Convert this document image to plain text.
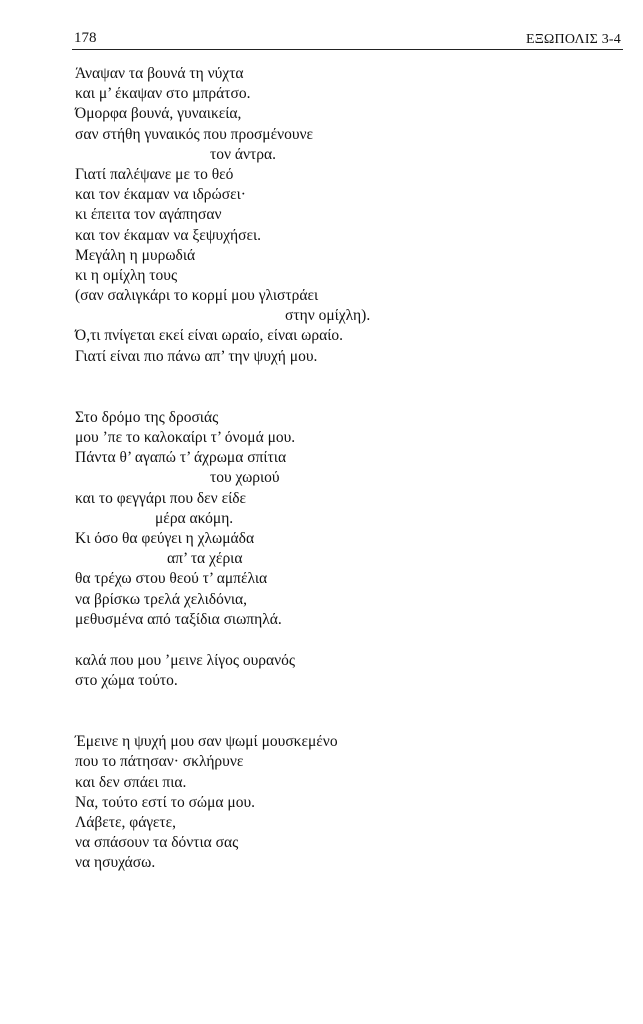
178	ΕΞΩΠΟΛΙΣ 3-4
Άναψαν τα βουνά τη νύχτα
και μ’ έκαψαν στο μπράτσο.
Όμορφα βουνά, γυναικεία,
σαν στήθη γυναικός που προσμένουνε
τον άντρα.
Γιατί παλέψανε με το θεό
και τον έκαμαν να ιδρώσει·
κι έπειτα τον αγάπησαν
και τον έκαμαν να ξεψυχήσει.
Μεγάλη η μυρωδιά
κι η ομίχλη τους
(σαν σαλιγκάρι το κορμί μου γλιστράει
στην ομίχλη).
Ό,τι πνίγεται εκεί είναι ωραίο, είναι ωραίο.
Γιατί είναι πιο πάνω απ’ την ψυχή μου.
Στο δρόμο της δροσιάς
μου ’πε το καλοκαίρι τ’ όνομά μου.
Πάντα θ’ αγαπώ τ’ άχρωμα σπίτια
του χωριού
και το φεγγάρι που δεν είδε
μέρα ακόμη.
Κι όσο θα φεύγει η χλωμάδα
απ’ τα χέρια
θα τρέχω στου θεού τ’ αμπέλια
να βρίσκω τρελά χελιδόνια,
μεθυσμένα από ταξίδια σιωπηλά.
καλά που μου ’μεινε λίγος ουρανός
στο χώμα τούτο.
Έμεινε η ψυχή μου σαν ψωμί μουσκεμένο
που το πάτησαν· σκλήρυνε
και δεν σπάει πια.
Να, τούτο εστί το σώμα μου.
Λάβετε, φάγετε,
να σπάσουν τα δόντια σας
να ησυχάσω.
